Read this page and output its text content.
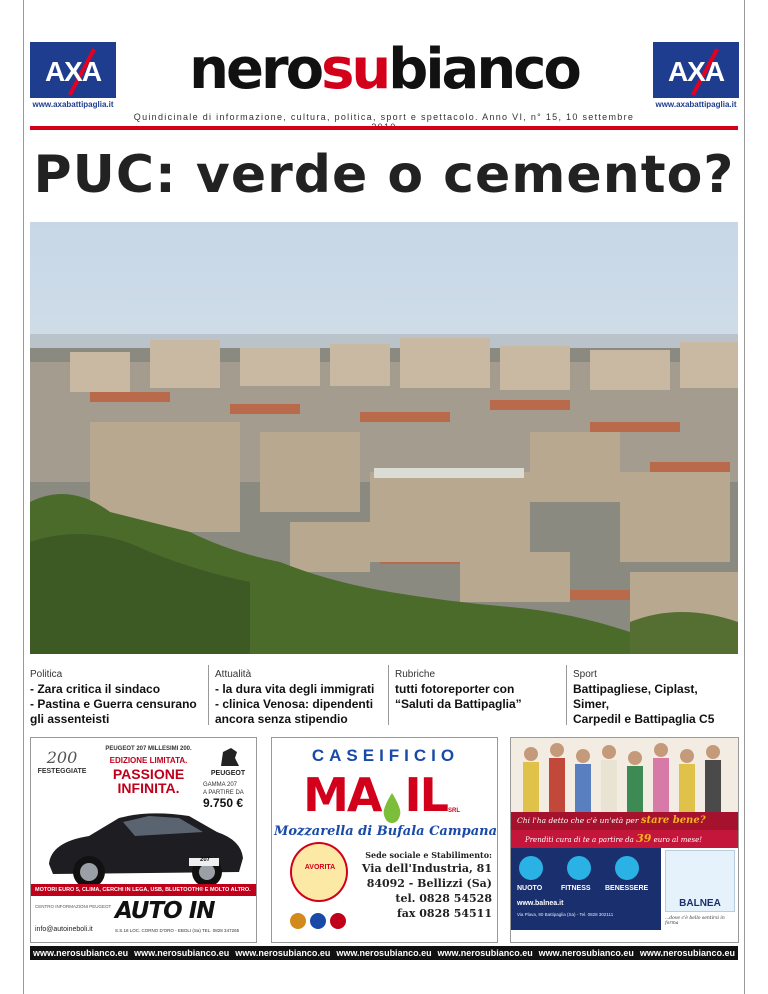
AXA
www.axabattipaglia.it
nerosubianco	AXA
www.axabattipaglia.it
Quindicinale di informazione, cultura, politica, sport e spettacolo. Anno VI, n° 15, 10 settembre
PUC: verde o cemento?
Politica
- Zara critica il sindaco
- Pastina e Guerra censurano
gli assenteisti
Attualità
- la dura vita degli immigrati
- clinica Venosa: dipendenti
ancora senza stipendio
Rubriche
tutti fotoreporter con
“Saluti da Battipaglia”
Sport
Battipagliese, Ciplast, Simer,
Carpedil e Battipaglia C5
PEUGEOT 207 MILLESIMI 200.
EDIZIONE LIMITATA.
PASSIONE
INFINITA.
200
FESTEGGIATE	PEUGEOT
GAMMA 207
A PARTIRE DA
9.750 €
207
MOTORI EURO 5, CLIMA, CERCHI IN LEGA, USB, BLUETOOTH® E MOLTO ALTRO.
CENTRO INFORMAZIONI PEUGEOT AUTO IN
info@autoineboli.it	S.S.18 LOC. CORNO D'ORO - EBOLI (Sa) TEL. 0828 347265
CASEIFICIO
MA IL SRL
Mozzarella di Bufala Campana
AVORITA
Sede sociale e Stabilimento:
Via dell'Industria, 81
84092 - Bellizzi (Sa)
tel. 0828 54528
fax 0828 54511
Chi l'ha detto che c'è un'età per stare bene?
Prenditi cura di te a partire da 39 euro al mese!
NUOTO	FITNESS	BENESSERE
www.balnea.it
Via Plava, 80 Battipaglia (Sa) - Tel. 0828 302111
BALNEA
...dove c'è bello sentirsi in forma
www.nerosubianco.eu www.nerosubianco.eu www.nerosubianco.eu www.nerosubianco.eu www.nerosubianco.eu www.nerosubianco.eu www.nerosubianco.eu
